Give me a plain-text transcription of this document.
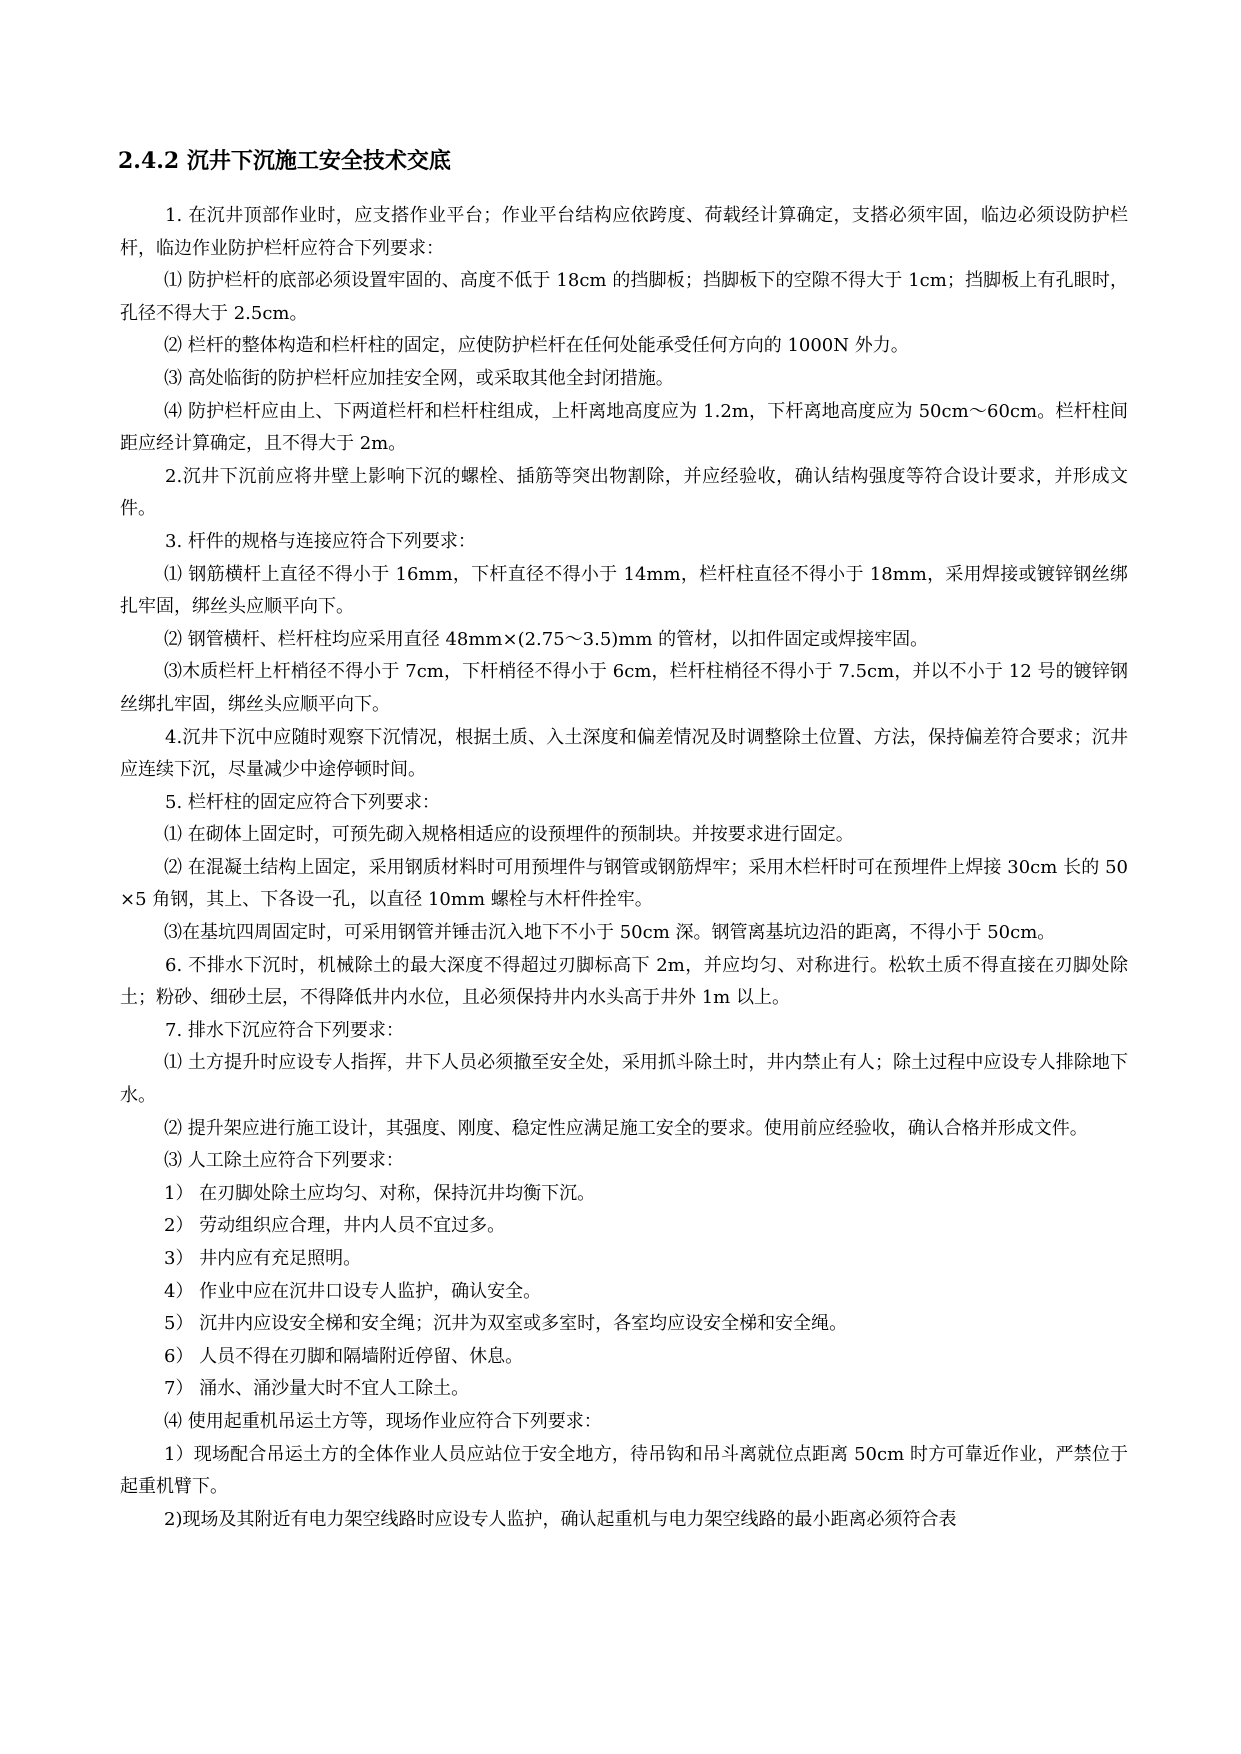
2.4.2 沉井下沉施工安全技术交底

1. 在沉井顶部作业时，应支搭作业平台；作业平台结构应依跨度、荷载经计算确定，支搭必须牢固，临边必须设防护栏杆，临边作业防护栏杆应符合下列要求：

⑴ 防护栏杆的底部必须设置牢固的、高度不低于 18cm 的挡脚板；挡脚板下的空隙不得大于 1cm；挡脚板上有孔眼时，孔径不得大于 2.5cm。

⑵ 栏杆的整体构造和栏杆柱的固定，应使防护栏杆在任何处能承受任何方向的 1000N 外力。

⑶ 高处临街的防护栏杆应加挂安全网，或采取其他全封闭措施。

⑷ 防护栏杆应由上、下两道栏杆和栏杆柱组成，上杆离地高度应为 1.2m，下杆离地高度应为 50cm～60cm。栏杆柱间距应经计算确定，且不得大于 2m。

2.沉井下沉前应将井壁上影响下沉的螺栓、插筋等突出物割除，并应经验收，确认结构强度等符合设计要求，并形成文件。

3. 杆件的规格与连接应符合下列要求：

⑴ 钢筋横杆上直径不得小于 16mm，下杆直径不得小于 14mm，栏杆柱直径不得小于 18mm，采用焊接或镀锌钢丝绑扎牢固，绑丝头应顺平向下。

⑵ 钢管横杆、栏杆柱均应采用直径 48mm×(2.75～3.5)mm 的管材，以扣件固定或焊接牢固。

⑶木质栏杆上杆梢径不得小于 7cm，下杆梢径不得小于 6cm，栏杆柱梢径不得小于 7.5cm，并以不小于 12 号的镀锌钢丝绑扎牢固，绑丝头应顺平向下。

4.沉井下沉中应随时观察下沉情况，根据土质、入土深度和偏差情况及时调整除土位置、方法，保持偏差符合要求；沉井应连续下沉，尽量减少中途停顿时间。

5. 栏杆柱的固定应符合下列要求：

⑴ 在砌体上固定时，可预先砌入规格相适应的设预埋件的预制块。并按要求进行固定。

⑵ 在混凝土结构上固定，采用钢质材料时可用预埋件与钢管或钢筋焊牢；采用木栏杆时可在预埋件上焊接 30cm 长的 50×5 角钢，其上、下各设一孔，以直径 10mm 螺栓与木杆件拴牢。

⑶在基坑四周固定时，可采用钢管并锤击沉入地下不小于 50cm 深。钢管离基坑边沿的距离，不得小于 50cm。

6. 不排水下沉时，机械除土的最大深度不得超过刃脚标高下 2m，并应均匀、对称进行。松软土质不得直接在刃脚处除土；粉砂、细砂土层，不得降低井内水位，且必须保持井内水头高于井外 1m 以上。

7. 排水下沉应符合下列要求：

⑴ 土方提升时应设专人指挥，井下人员必须撤至安全处，采用抓斗除土时，井内禁止有人；除土过程中应设专人排除地下水。

⑵ 提升架应进行施工设计，其强度、刚度、稳定性应满足施工安全的要求。使用前应经验收，确认合格并形成文件。

⑶ 人工除土应符合下列要求：

1） 在刃脚处除土应均匀、对称，保持沉井均衡下沉。

2） 劳动组织应合理，井内人员不宜过多。

3） 井内应有充足照明。

4） 作业中应在沉井口设专人监护，确认安全。

5） 沉井内应设安全梯和安全绳；沉井为双室或多室时，各室均应设安全梯和安全绳。

6） 人员不得在刃脚和隔墙附近停留、休息。

7） 涌水、涌沙量大时不宜人工除土。

⑷ 使用起重机吊运土方等，现场作业应符合下列要求：

1）现场配合吊运土方的全体作业人员应站位于安全地方，待吊钩和吊斗离就位点距离 50cm 时方可靠近作业，严禁位于起重机臂下。

2)现场及其附近有电力架空线路时应设专人监护，确认起重机与电力架空线路的最小距离必须符合表
